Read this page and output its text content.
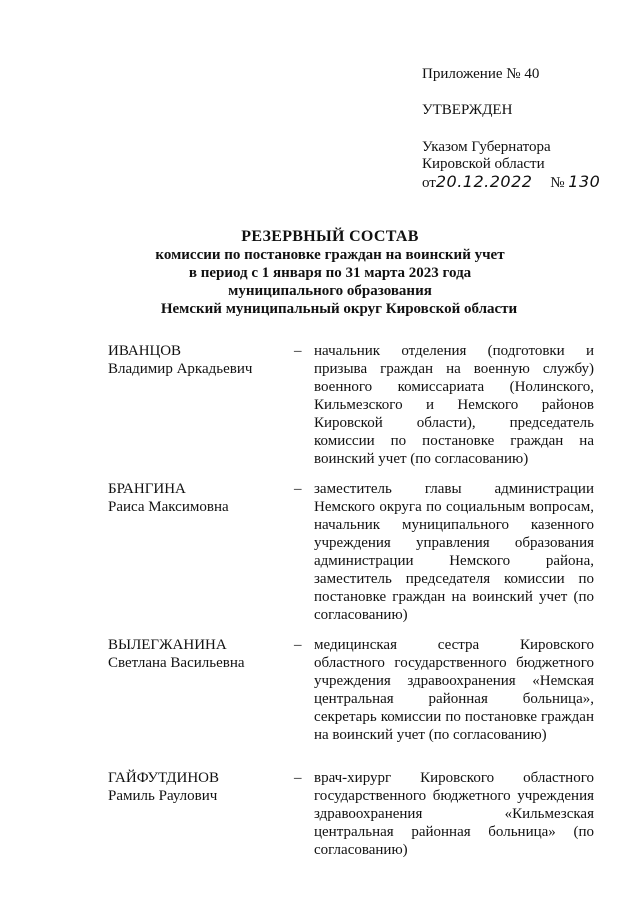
Приложение № 40
УТВЕРЖДЕН
Указом Губернатора
Кировской области
от20.12.2022 № 130
РЕЗЕРВНЫЙ СОСТАВ
комиссии по постановке граждан на воинский учет
в период с 1 января по 31 марта 2023 года
муниципального образования
Немский муниципальный округ Кировской области
ИВАНЦОВ
Владимир Аркадьевич
– начальник отделения (подготовки и призыва граждан на военную службу) военного комиссариата (Нолинского, Кильмезского и Немского районов Кировской области), председатель комиссии по постановке граждан на воинский учет (по согласованию)
БРАНГИНА
Раиса Максимовна
– заместитель главы администрации Немского округа по социальным вопросам, начальник муниципального казенного учреждения управления образования администрации Немского района, заместитель председателя комиссии по постановке граждан на воинский учет (по согласованию)
ВЫЛЕГЖАНИНА
Светлана Васильевна
– медицинская сестра Кировского областного государственного бюджетного учреждения здравоохранения «Немская центральная районная больница», секретарь комиссии по постановке граждан на воинский учет (по согласованию)
ГАЙФУТДИНОВ
Рамиль Раулович
– врач-хирург Кировского областного государственного бюджетного учреждения здравоохранения «Кильмезская центральная районная больница» (по согласованию)
